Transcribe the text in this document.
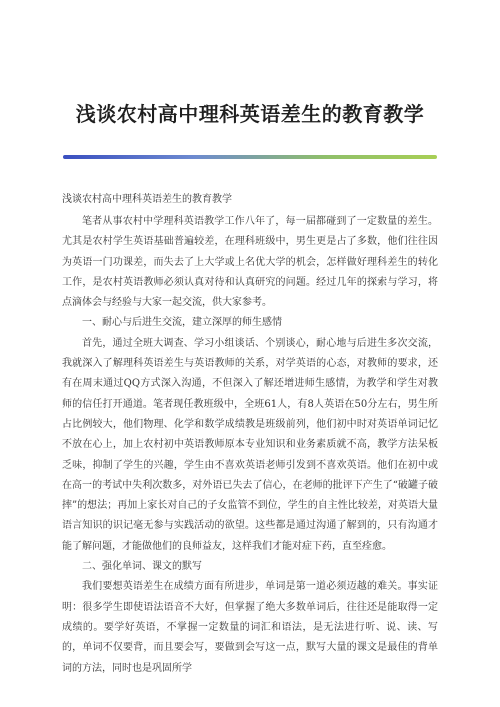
浅谈农村高中理科英语差生的教育教学
浅谈农村高中理科英语差生的教育教学

笔者从事农村中学理科英语教学工作八年了，每一届都碰到了一定数量的差生。尤其是农村学生英语基础普遍较差，在理科班级中，男生更是占了多数，他们往往因为英语一门功课差，而失去了上大学或上名优大学的机会，怎样做好理科差生的转化工作，是农村英语教师必须认真对待和认真研究的问题。经过几年的探索与学习，将点滴体会与经验与大家一起交流，供大家参考。

一、耐心与后进生交流，建立深厚的师生感情

首先，通过全班大调查、学习小组谈话、个别谈心，耐心地与后进生多次交流，我就深入了解理科英语差生与英语教师的关系，对学英语的心态，对教师的要求，还有在周末通过QQ方式深入沟通，不但深入了解还增进师生感情，为教学和学生对教师的信任打开通道。笔者现任教班级中，全班61人，有8人英语在50分左右，男生所占比例较大，他们物理、化学和数学成绩教是班级前列，他们初中时对英语单词记忆不放在心上，加上农村初中英语教师原本专业知识和业务素质就不高，教学方法呆板乏味，抑制了学生的兴趣，学生由不喜欢英语老师引发到不喜欢英语。他们在初中或在高一的考试中失利次数多，对外语已失去了信心，在老师的批评下产生了“破罐子破摔”的想法；再加上家长对自己的子女监管不到位，学生的自主性比较差，对英语大量语言知识的识记毫无参与实践活动的欲望。这些都是通过沟通了解到的，只有沟通才能了解问题，才能做他们的良师益友，这样我们才能对症下药，直至痊愈。

二、强化单词、课文的默写

我们要想英语差生在成绩方面有所进步，单词是第一道必须迈越的难关。事实证明：很多学生即使语法语音不大好，但掌握了绝大多数单词后，往往还是能取得一定成绩的。要学好英语，不掌握一定数量的词汇和语法，是无法进行听、说、读、写的，单词不仅要背，而且要会写，要做到会写这一点，默写大量的课文是最佳的背单词的方法，同时也是巩固所学
